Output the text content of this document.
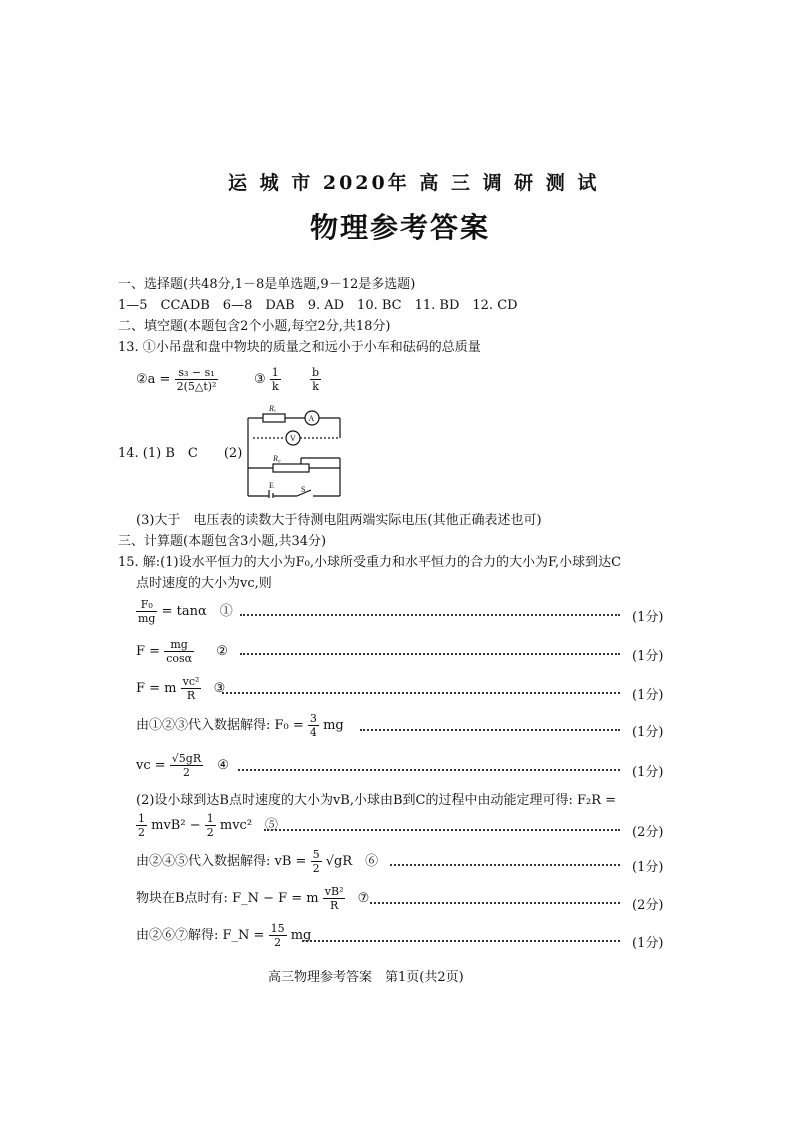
运 城 市 2020年 高 三 调 研 测 试
物理参考答案
一、选择题(共48分,1－8是单选题,9－12是多选题)
1—5　CCADB　6—8　DAB　9. AD　10. BC　11. BD　12. CD
二、填空题(本题包含2个小题,每空2分,共18分)
13. ①小吊盘和盘中物块的质量之和远小于小车和砝码的总质量
②a = $\frac{\text{s₃ − s₁}}{\text{2(5△t)²}}$	③ $\frac{1}{k}$	$\frac{b}{k}$
14. (1) B　C　　(2)
Rₓ
A
V
R₀
E	S
(3)大于　电压表的读数大于待测电阻两端实际电压(其他正确表述也可)
三、计算题(本题包含3小题,共34分)
15. 解:(1)设水平恒力的大小为F₀,小球所受重力和水平恒力的合力的大小为F,小球到达C
点时速度的大小为vc,则
$\frac{\text{F₀}}{mg} = \tan\alpha$　①	(1分)
$F = \frac{mg}{\cos\alpha}$ ②	(1分)
F = m $\frac{\text{vc²}}{R}$ ③	(1分)
由①②③代入数据解得: $F_0 = \frac{3}{4}$ mg	(1分)
vc = $\frac{√5gR}{2}$ ④	(1分)
(2)设小球到达B点时速度的大小为vB,小球由B到C的过程中由动能定理可得: F₂R =
$\frac{1}{2} mvB^2 - \frac{1}{2} mvc^2$　⑤	(2分)
由②④⑤代入数据解得: vB = $\frac{5}{2} √gR$　⑥	(1分)
物块在B点时有: F_N − F = m $\frac{\text{vB²}}{R}$ ⑦	(2分)
由②⑥⑦解得: F_N = $\frac{15}{2}$ mg
(1分)
高三物理参考答案　第1页(共2页)
